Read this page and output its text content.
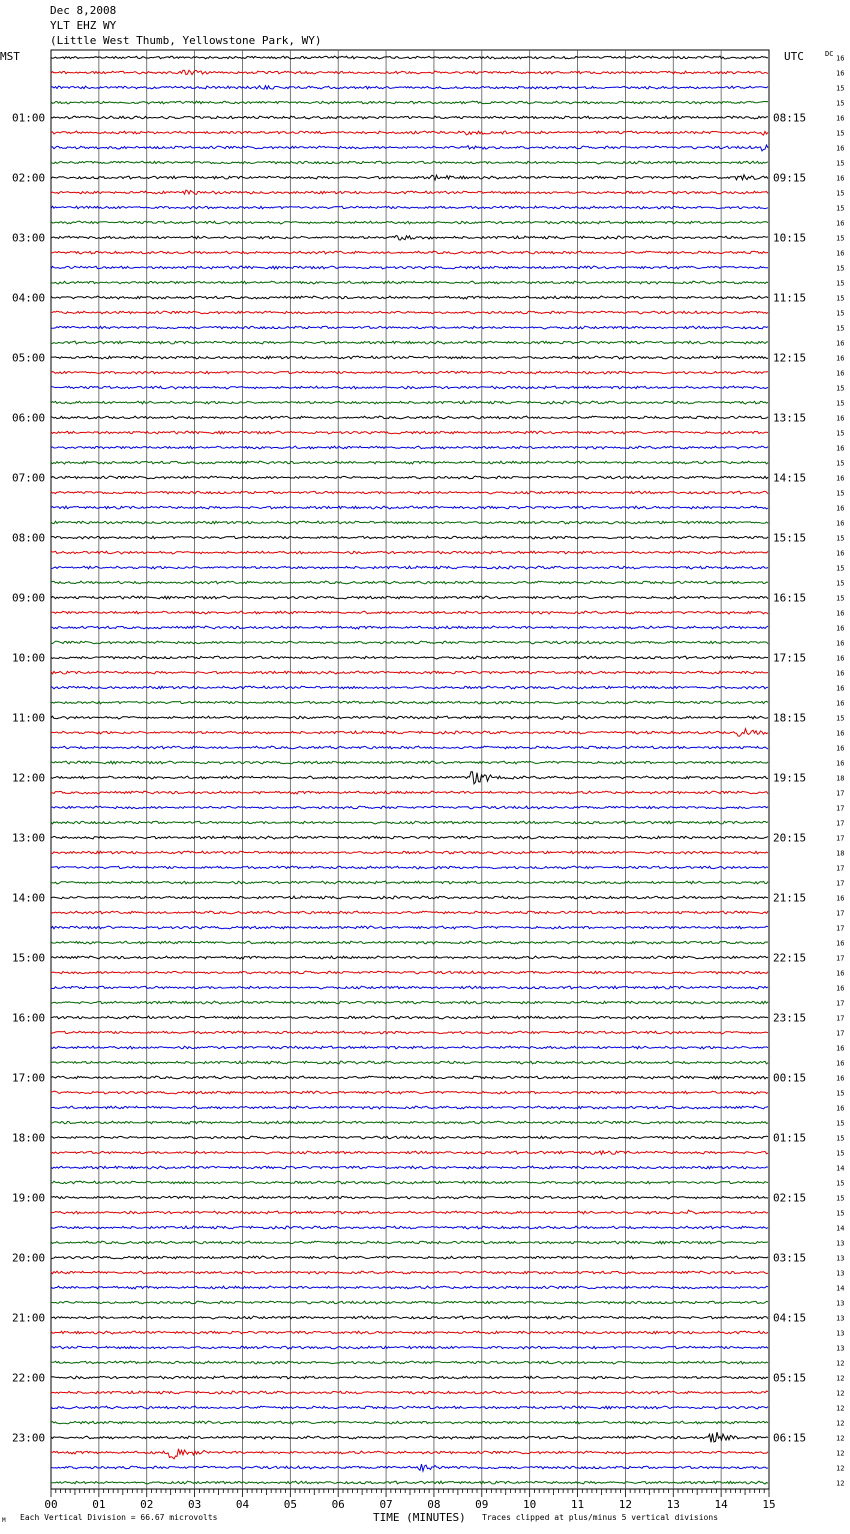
Dec 8,2008
YLT EHZ WY
(Little West Thumb, Yellowstone Park, WY)
00	01	02	03	04	05	06	07	08	09	10	11	12	13	14	15
01:00
02:00
03:00
04:00
05:00
06:00
07:00
08:00
09:00
10:00
11:00
12:00
13:00
14:00
15:00
16:00
17:00
18:00
19:00
20:00
21:00
22:00
23:00
08:15
09:15
10:15
11:15
12:15
13:15
14:15
15:15
16:15
17:15
18:15
19:15
20:15
21:15
22:15
23:15
00:15
01:15
02:15
03:15
04:15
05:15
06:15
16
16
15
15
16
15
16
15
16
15
15
16
15
16
15
15
15
15
15
16
16
16
15
15
16
15
16
15
16
15
16
16
15
16
15
15
15
16
16
16
16
16
16
16
15
16
16
16
18
17
17
17
17
18
17
17
16
17
17
16
17
16
16
17
17
17
16
16
16
15
16
15
15
15
14
15
15
15
14
13
13
13
14
13
13
13
13
12
12
12
12
12
12
12
12
12
MST	UTC	DC
M Each Vertical Division = 66.67 microvolts	TIME (MINUTES) Traces clipped at plus/minus 5 vertical divisions
